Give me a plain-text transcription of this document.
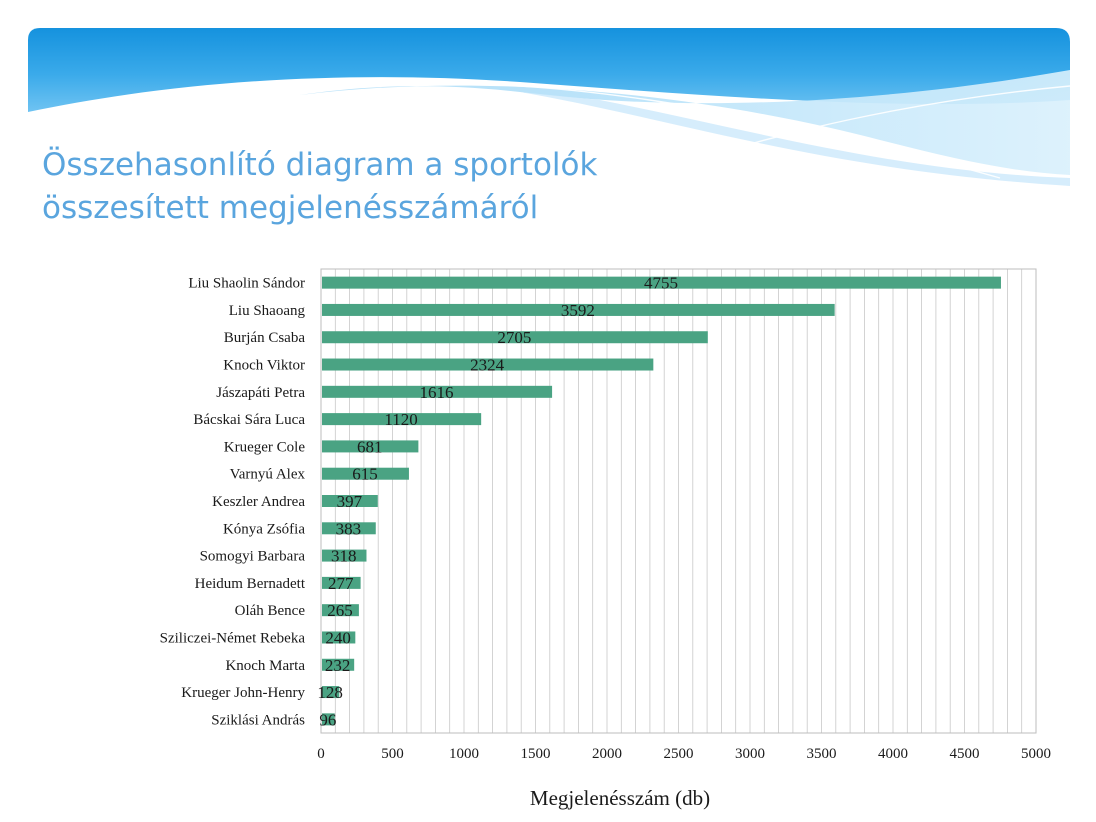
Összehasonlító diagram a sportolók
összesített megjelenésszámáról
Liu Shaolin Sándor
Liu Shaoang
Burján Csaba
Knoch Viktor
Jászapáti Petra
Bácskai Sára Luca
Krueger Cole
Varnyú Alex
Keszler Andrea
Kónya Zsófia
Somogyi Barbara
Heidum Bernadett
Oláh Bence
Sziliczei-Német Rebeka
Knoch Marta
Krueger John-Henry
Sziklási András
0	500	1000	1500	2000	2500	3000	3500	4000	4500	5000
4755
3592
2705
2324
1616
1120
681
615
397
383
318
277
265
240
232
128
96
Megjelenésszám (db)
